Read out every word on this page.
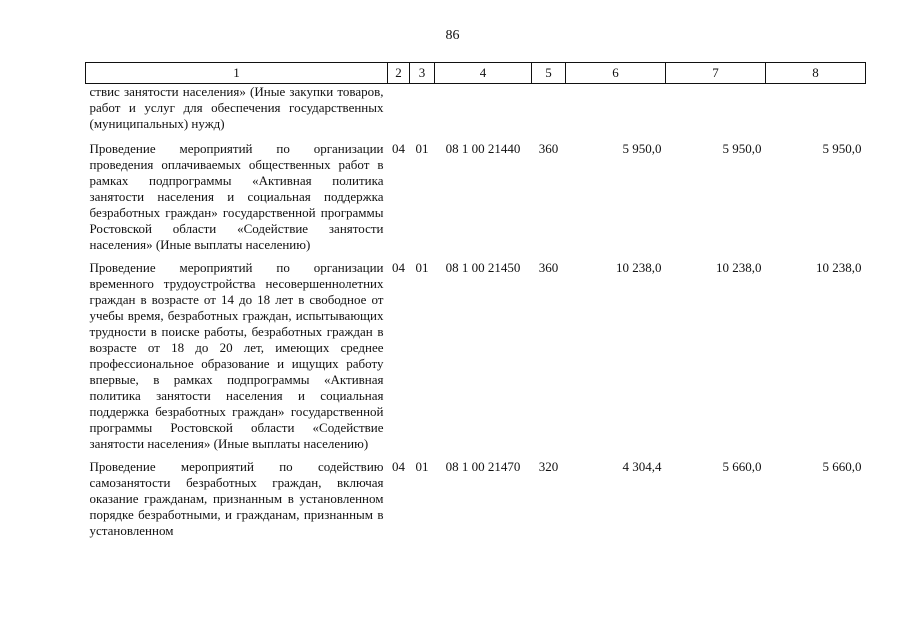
86
1	2	3	4	5	6	7	8
ствис занятости населения» (Иные закупки товаров, работ и услуг для обеспечения государственных (муниципальных) нужд)							
Проведение мероприятий по организации проведения оплачиваемых общественных работ в рамках подпрограммы «Активная политика занятости населения и социальная поддержка безработных граждан» государственной программы Ростовской области «Содействие занятости населения» (Иные выплаты населению)	04	01	08 1 00 21440	360	5 950,0	5 950,0	5 950,0
Проведение мероприятий по организации временного трудоустройства несовершеннолетних граждан в возрасте от 14 до 18 лет в свободное от учебы время, безработных граждан, испытывающих трудности в поиске работы, безработных граждан в возрасте от 18 до 20 лет, имеющих среднее профессиональное образование и ищущих работу впервые, в рамках подпрограммы «Активная политика занятости населения и социальная поддержка безработных граждан» государственной программы Ростовской области «Содействие занятости населения» (Иные выплаты населению)	04	01	08 1 00 21450	360	10 238,0	10 238,0	10 238,0
Проведение мероприятий по содействию самозанятости безработных граждан, включая оказание гражданам, признанным в установленном порядке безработными, и гражданам, признанным в установленном	04	01	08 1 00 21470	320	4 304,4	5 660,0	5 660,0
